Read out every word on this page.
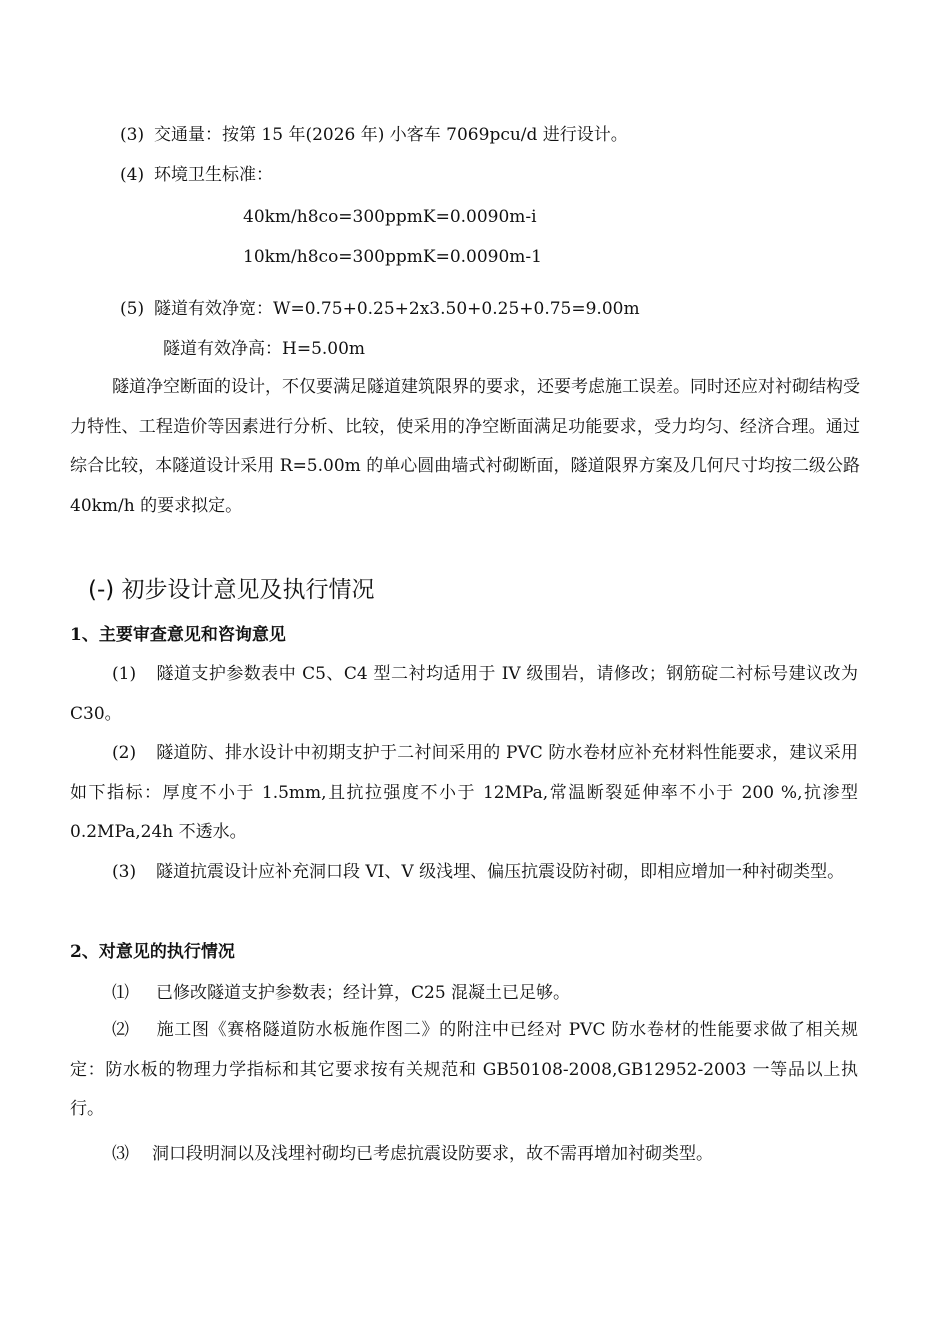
(3) 交通量：按第 15 年(2026 年) 小客车 7069pcu/d 进行设计。
(4) 环境卫生标准：
40km/h8co=300ppmK=0.0090m-i
10km/h8co=300ppmK=0.0090m-1
(5) 隧道有效净宽：W=0.75+0.25+2x3.50+0.25+0.75=9.00m
隧道有效净高：H=5.00m
隧道净空断面的设计，不仅要满足隧道建筑限界的要求，还要考虑施工误差。同时还应对衬砌结构受力特性、工程造价等因素进行分析、比较，使采用的净空断面满足功能要求，受力均匀、经济合理。通过综合比较，本隧道设计采用 R=5.00m 的单心圆曲墙式衬砌断面，隧道限界方案及几何尺寸均按二级公路 40km/h 的要求拟定。
(-) 初步设计意见及执行情况
1、主要审查意见和咨询意见
(1) 隧道支护参数表中 C5、C4 型二衬均适用于 IV 级围岩，请修改；钢筋碇二衬标号建议改为 C30。
(2) 隧道防、排水设计中初期支护于二衬间采用的 PVC 防水卷材应补充材料性能要求，建议采用如下指标：厚度不小于 1.5mm,且抗拉强度不小于 12MPa,常温断裂延伸率不小于 200 %,抗渗型 0.2MPa,24h 不透水。
(3) 隧道抗震设计应补充洞口段 VI、V 级浅埋、偏压抗震设防衬砌，即相应增加一种衬砌类型。
2、对意见的执行情况
⑴ 已修改隧道支护参数表；经计算，C25 混凝土已足够。
⑵ 施工图《赛格隧道防水板施作图二》的附注中已经对 PVC 防水卷材的性能要求做了相关规定：防水板的物理力学指标和其它要求按有关规范和 GB50108-2008,GB12952-2003 一等品以上执行。
⑶ 洞口段明洞以及浅埋衬砌均已考虑抗震设防要求，故不需再增加衬砌类型。
